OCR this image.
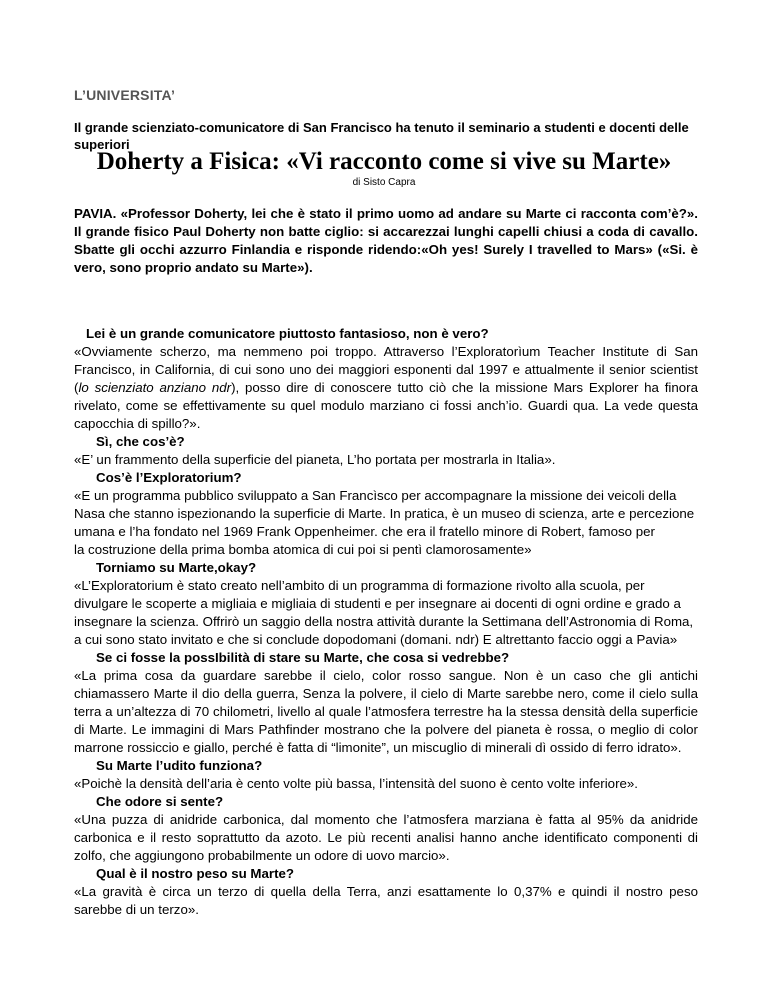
L’UNIVERSITA’
Il grande scienziato-comunicatore di San Francisco ha tenuto il seminario a studenti e docenti delle superiori
Doherty a Fisica: «Vi racconto come si vive su Marte»
di Sisto Capra
PAVIA. «Professor Doherty, lei che è stato il primo uomo ad andare su Marte ci racconta com’è?». Il grande fisico Paul Doherty non batte ciglio: si accarezzai lunghi capelli chiusi a coda di cavallo. Sbatte gli occhi azzurro Finlandia e risponde ridendo:«Oh yes! Surely I travelled to Mars» («Si. è vero, sono proprio andato su Marte»).

Lei è un grande comunicatore piuttosto fantasioso, non è vero?

«Ovviamente scherzo, ma nemmeno poi troppo. Attraverso l’Exploratorìum Teacher Institute di San Francisco, in California, di cui sono uno dei maggiori esponenti dal 1997 e attualmente il senior scientist (lo scienziato anziano ndr), posso dire di conoscere tutto ciò che la missione Mars Explorer ha finora rivelato, come se effettivamente su quel modulo marziano ci fossi anch’io. Guardi qua. La vede questa capocchia di spillo?».

Sì, che cos’è?

«E’ un frammento della superficie del pianeta, L’ho portata per mostrarla in Italia».

Cos’è l’Exploratorium?

«E un programma pubblico sviluppato a San Francìsco per accompagnare la missione dei veicoli della Nasa che stanno ispezionando la superficie di Marte. In pratica, è un museo di scienza, arte e percezione umana e l’ha fondato nel 1969 Frank Oppenheimer. che era il fratello minore di Robert, famoso per

la costruzione della prima bomba atomica di cui poi si pentì clamorosamente»

Torniamo su Marte,okay?

«L’Exploratorium è stato creato nell’ambito di un programma di formazione rivolto alla scuola, per divulgare le scoperte a migliaia e migliaia di studenti e per insegnare ai docenti di ogni ordine e grado a insegnare la scienza. Offrirò un saggio della nostra attività durante la Settimana dell’Astronomia di Roma, a cui sono stato invitato e che si conclude dopodomani (domani. ndr) E altrettanto faccio oggi a Pavia»

Se ci fosse la possIbilità di stare su Marte, che cosa si vedrebbe?

«La prima cosa da guardare sarebbe il cielo, color rosso sangue. Non è un caso che gli antichi chiamassero Marte il dio della guerra, Senza la polvere, il cielo di Marte sarebbe nero, come il cielo sulla terra a un’altezza di 70 chilometri, livello al quale l’atmosfera terrestre ha la stessa densità della superficie di Marte. Le immagini di Mars Pathfinder mostrano che la polvere del pianeta è rossa, o meglio di color marrone rossiccio e giallo, perché è fatta di “limonite”, un miscuglio di minerali dì ossido di ferro idrato».

Su Marte l’udito funziona?

«Poichè la densità dell’aria è cento volte più bassa, l’intensità del suono è cento volte inferiore».

Che odore si sente?

«Una puzza di anidride carbonica, dal momento che l’atmosfera marziana è fatta al 95% da anidride carbonica e il resto soprattutto da azoto. Le più recenti analisi hanno anche identificato componenti di zolfo, che aggiungono probabilmente un odore di uovo marcio».

Qual è il nostro peso su Marte?

«La gravità è circa un terzo di quella della Terra, anzi esattamente lo 0,37% e quindi il nostro peso sarebbe di un terzo».
